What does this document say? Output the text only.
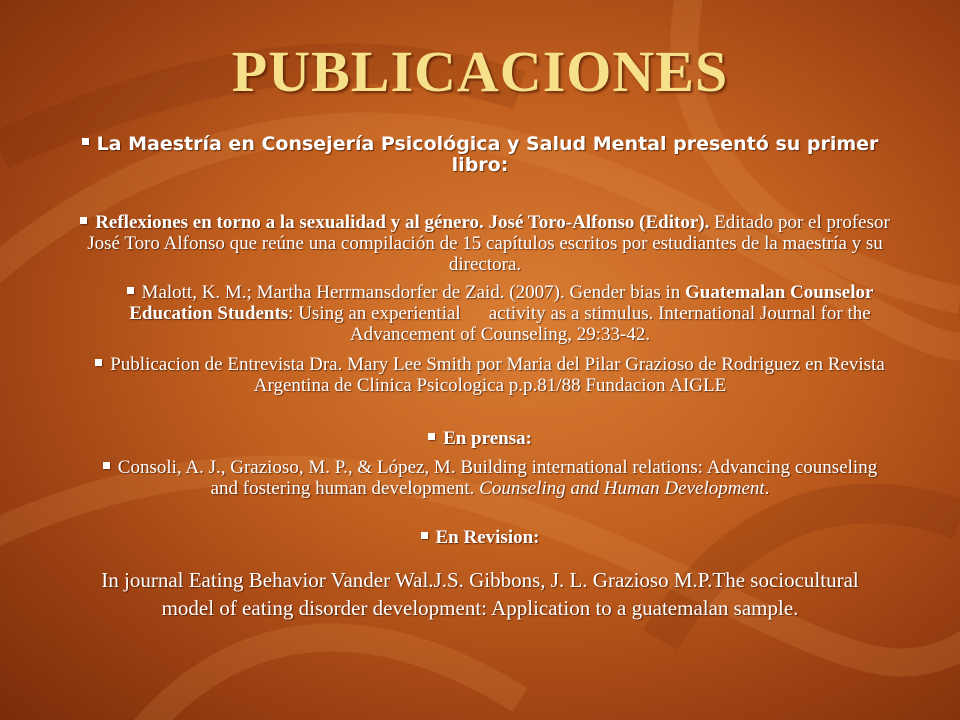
PUBLICACIONES
La Maestría en Consejería Psicológica y Salud Mental presentó su primer libro:
Reflexiones en torno a la sexualidad y al género. José Toro-Alfonso (Editor). Editado por el profesor José Toro Alfonso que reúne una compilación de 15 capítulos escritos por estudiantes de la maestría y su directora.
Malott, K. M.; Martha Herrmansdorfer de Zaid. (2007). Gender bias in Guatemalan Counselor Education Students: Using an experiential activity as a stimulus. International Journal for the Advancement of Counseling, 29:33-42.
Publicacion de Entrevista Dra. Mary Lee Smith por Maria del Pilar Grazioso de Rodriguez en Revista Argentina de Clinica Psicologica p.p.81/88 Fundacion AIGLE
En prensa:
Consoli, A. J., Grazioso, M. P., & López, M. Building international relations: Advancing counseling and fostering human development. Counseling and Human Development.
En Revision:
In journal Eating Behavior Vander Wal.J.S. Gibbons, J. L. Grazioso M.P.The sociocultural
model of eating disorder development: Application to a guatemalan sample.
